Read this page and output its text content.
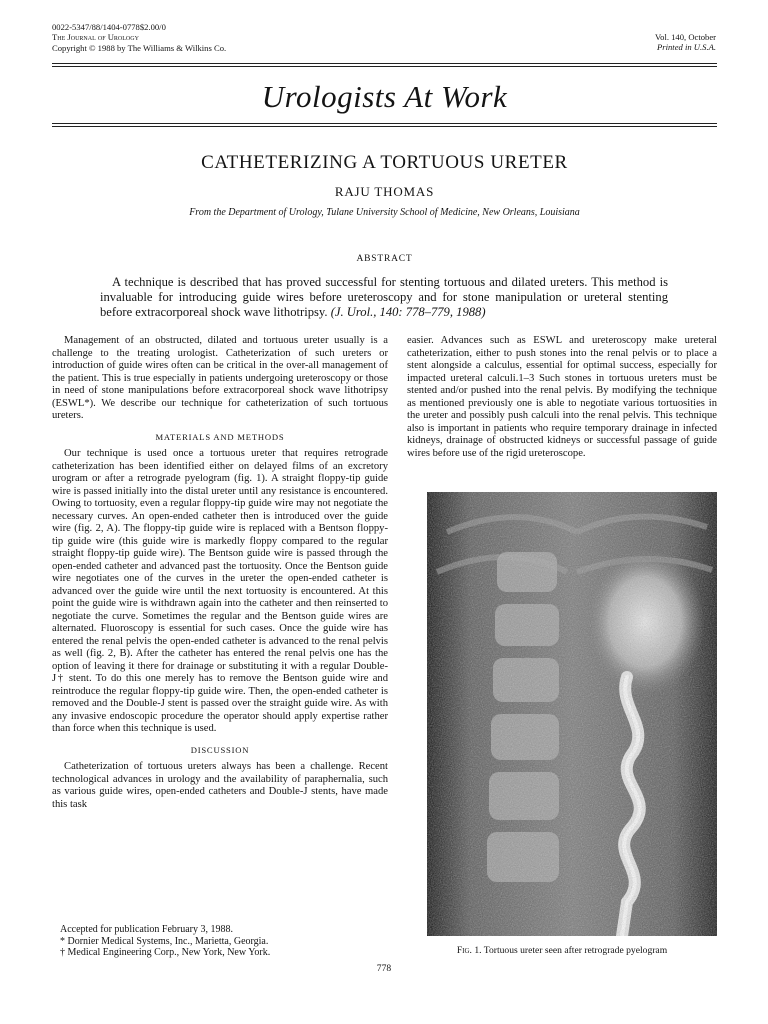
0022-5347/88/1404-0778$2.00/0
The Journal of Urology
Copyright © 1988 by The Williams & Wilkins Co.
Vol. 140, October
Printed in U.S.A.
Urologists At Work
CATHETERIZING A TORTUOUS URETER
RAJU THOMAS
From the Department of Urology, Tulane University School of Medicine, New Orleans, Louisiana
ABSTRACT
A technique is described that has proved successful for stenting tortuous and dilated ureters. This method is invaluable for introducing guide wires before ureteroscopy and for stone manipulation or ureteral stenting before extracorporeal shock wave lithotripsy. (J. Urol., 140: 778–779, 1988)

Management of an obstructed, dilated and tortuous ureter usually is a challenge to the treating urologist. Catheterization of such ureters or introduction of guide wires often can be critical in the over-all management of the patient. This is true especially in patients undergoing ureteroscopy or those in need of stone manipulations before extracorporeal shock wave lithotripsy (ESWL*). We describe our technique for catheterization of such tortuous ureters.

MATERIALS AND METHODS

Our technique is used once a tortuous ureter that requires retrograde catheterization has been identified either on delayed films of an excretory urogram or after a retrograde pyelogram (fig. 1). A straight floppy-tip guide wire is passed initially into the distal ureter until any resistance is encountered. Owing to tortuosity, even a regular floppy-tip guide wire may not negotiate the necessary curves. An open-ended catheter then is introduced over the guide wire (fig. 2, A). The floppy-tip guide wire is replaced with a Bentson floppy-tip guide wire (this guide wire is markedly floppy compared to the regular straight floppy-tip guide wire). The Bentson guide wire is passed through the open-ended catheter and advanced past the tortuosity. Once the Bentson guide wire negotiates one of the curves in the ureter the open-ended catheter is advanced over the guide wire until the next tortuosity is encountered. At this point the guide wire is withdrawn again into the catheter and then reinserted to negotiate the curve. Sometimes the regular and the Bentson guide wires are alternated. Fluoroscopy is essential for such cases. Once the guide wire has entered the renal pelvis the open-ended catheter is advanced to the renal pelvis as well (fig. 2, B). After the catheter has entered the renal pelvis one has the option of leaving it there for drainage or substituting it with a regular Double-J† stent. To do this one merely has to remove the Bentson guide wire and reintroduce the regular floppy-tip guide wire. Then, the open-ended catheter is removed and the Double-J stent is passed over the straight guide wire. As with any invasive endoscopic procedure the operator should apply expertise rather than force when this technique is used.

DISCUSSION

Catheterization of tortuous ureters always has been a challenge. Recent technological advances in urology and the availability of paraphernalia, such as various guide wires, open-ended catheters and Double-J stents, have made this task

easier. Advances such as ESWL and ureteroscopy make ureteral catheterization, either to push stones into the renal pelvis or to place a stent alongside a calculus, essential for optimal success, especially for impacted ureteral calculi.1–3 Such stones in tortuous ureters must be stented and/or pushed into the renal pelvis. By modifying the technique as mentioned previously one is able to negotiate various tortuosities in the ureter and possibly push calculi into the renal pelvis. This technique also is important in patients who require temporary drainage in infected kidneys, drainage of obstructed kidneys or successful passage of guide wires before use of the rigid ureteroscope.

Fig. 1. Tortuous ureter seen after retrograde pyelogram
Accepted for publication February 3, 1988.
* Dornier Medical Systems, Inc., Marietta, Georgia.
† Medical Engineering Corp., New York, New York.
778
